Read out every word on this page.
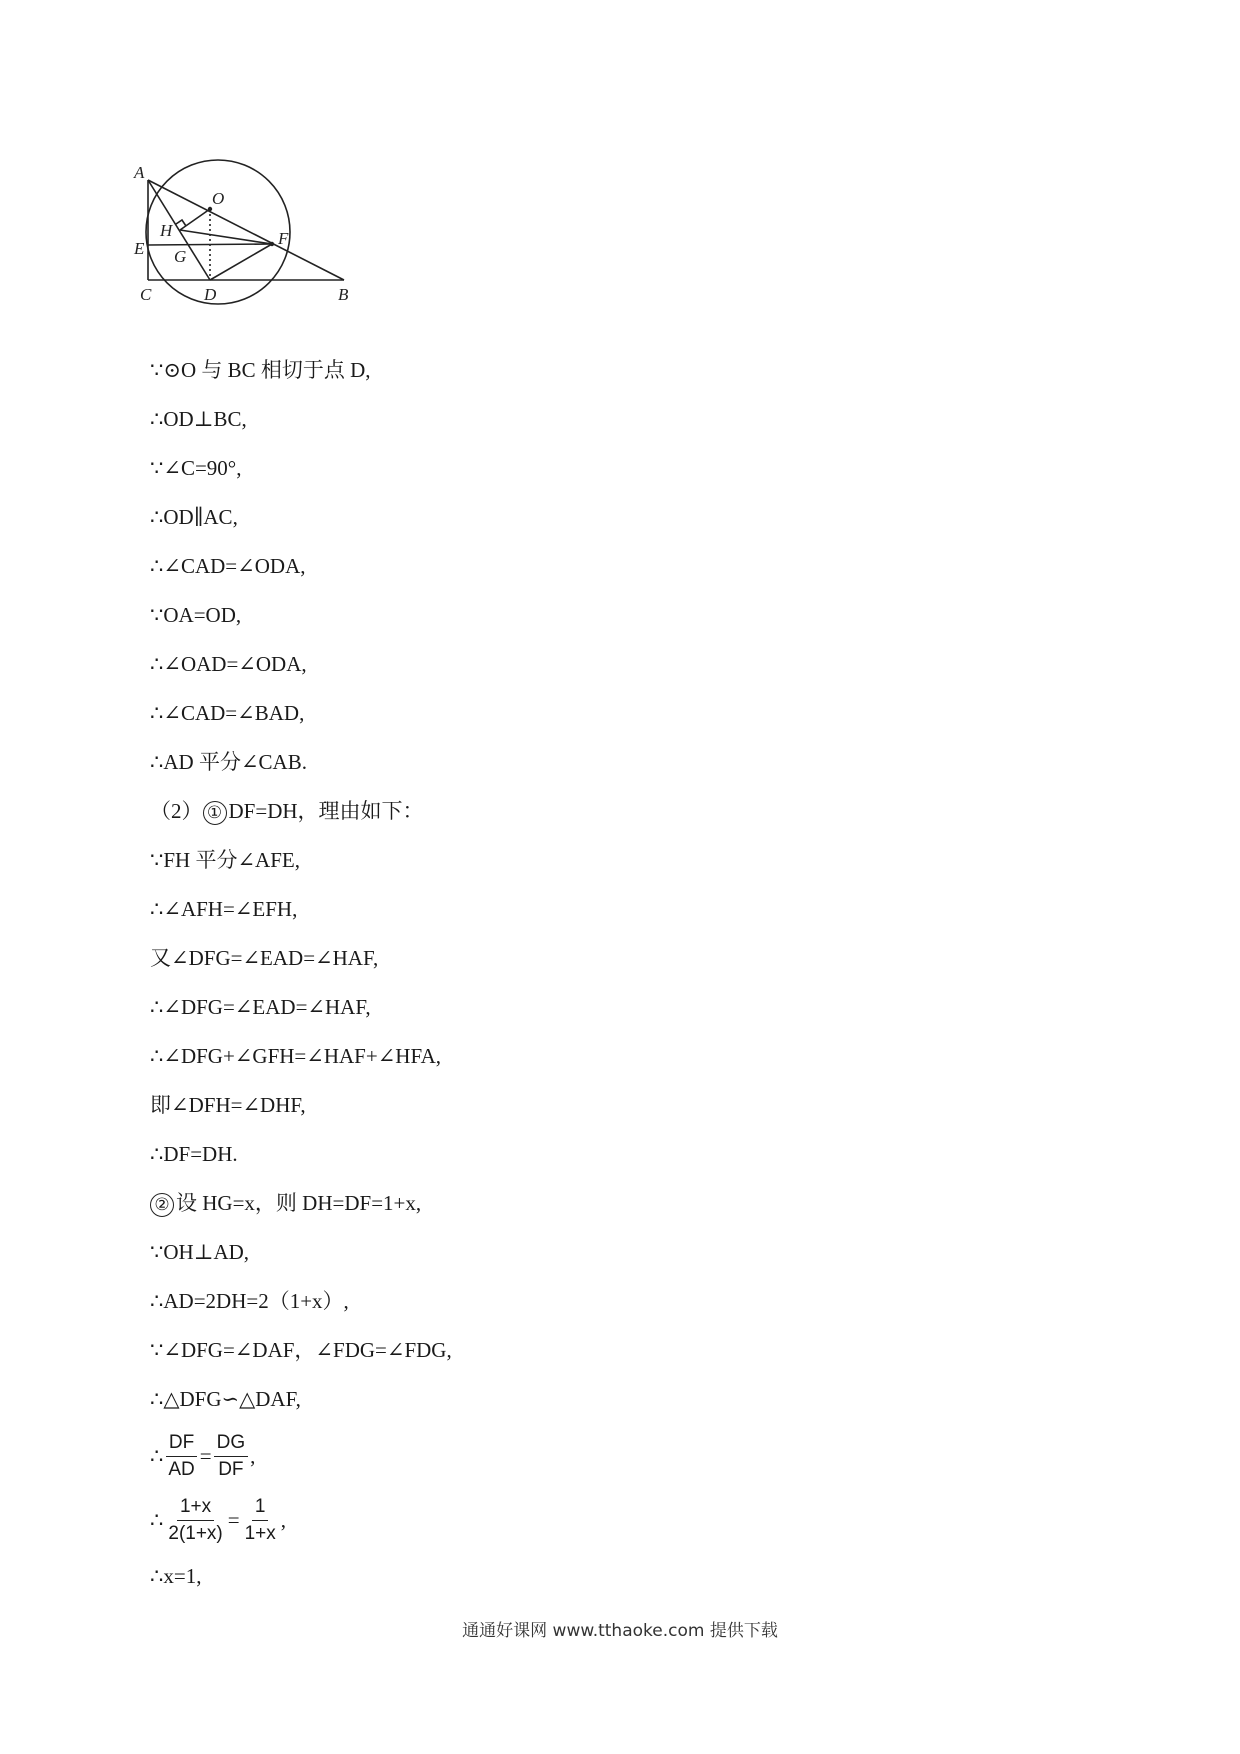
A
O
H
E
F
G
C	D	B
∵⊙O 与 BC 相切于点 D,
∴OD⊥BC,
∵∠C=90°,
∴OD∥AC,
∴∠CAD=∠ODA,
∵OA=OD,
∴∠OAD=∠ODA,
∴∠CAD=∠BAD,
∴AD 平分∠CAB.
（2） ① DF=DH，理由如下：
∵FH 平分∠AFE,
∴∠AFH=∠EFH,
又∠DFG=∠EAD=∠HAF,
∴∠DFG=∠EAD=∠HAF,
∴∠DFG+∠GFH=∠HAF+∠HFA,
即∠DFH=∠DHF,
∴DF=DH.
② 设 HG=x，则 DH=DF=1+x,
∵OH⊥AD,
∴AD=2DH=2（1+x）,
∵∠DFG=∠DAF，∠FDG=∠FDG,
∴△DFG∽△DAF,
∴ $\frac{DF}{AD} = \frac{DG}{DF}$ ,
∴ $\frac{1+x}{2(1+x)} = \frac{1}{1+x}$ ,
∴x=1,
通通好课网 www.tthaoke.com 提供下载
